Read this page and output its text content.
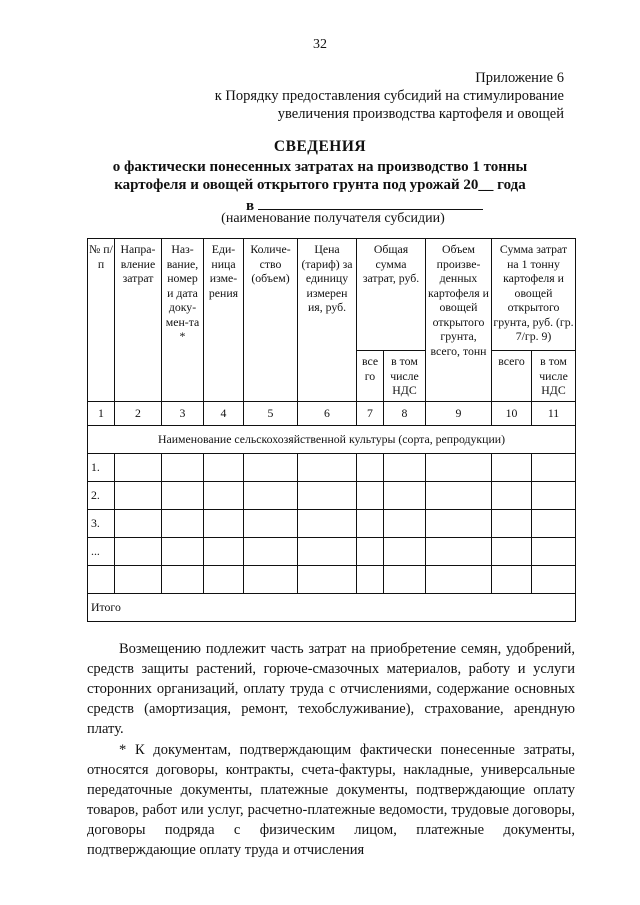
32
Приложение 6
к Порядку предоставления субсидий на стимулирование
увеличения производства картофеля и овощей
СВЕДЕНИЯ
о фактически понесенных затратах на производство 1 тонны
картофеля и овощей открытого грунта под урожай 20__ года
в
(наименование получателя субсидии)
№ п/п	Напра-вление затрат	Наз-вание, номер и дата доку-мен-та *	Еди-ница изме-рения	Количе-ство (объем)	Цена (тариф) за единицу измерен ия, руб.	Общая сумма затрат, руб.		Объем произве-денных картофеля и овощей открытого грунта, всего, тонн	Сумма затрат на 1 тонну картофеля и овощей открытого грунта, руб. (гр. 7/гр. 9)	
						все го	в том числе НДС		всего	в том числе НДС
1	2	3	4	5	6	7	8	9	10	11
Наименование сельскохозяйственной культуры (сорта, репродукции)										
1.										
2.										
3.										
...										

Итого										
Возмещению подлежит часть затрат на приобретение семян, удобрений, средств защиты растений, горюче-смазочных материалов, работу и услуги сторонних организаций, оплату труда с отчислениями, содержание основных средств (амортизация, ремонт, техобслуживание), страхование, арендную плату.
* К документам, подтверждающим фактически понесенные затраты, относятся договоры, контракты, счета-фактуры, накладные, универсальные передаточные документы, платежные документы, подтверждающие оплату товаров, работ или услуг, расчетно-платежные ведомости, трудовые договоры, договоры подряда с физическим лицом, платежные документы, подтверждающие оплату труда и отчисления
